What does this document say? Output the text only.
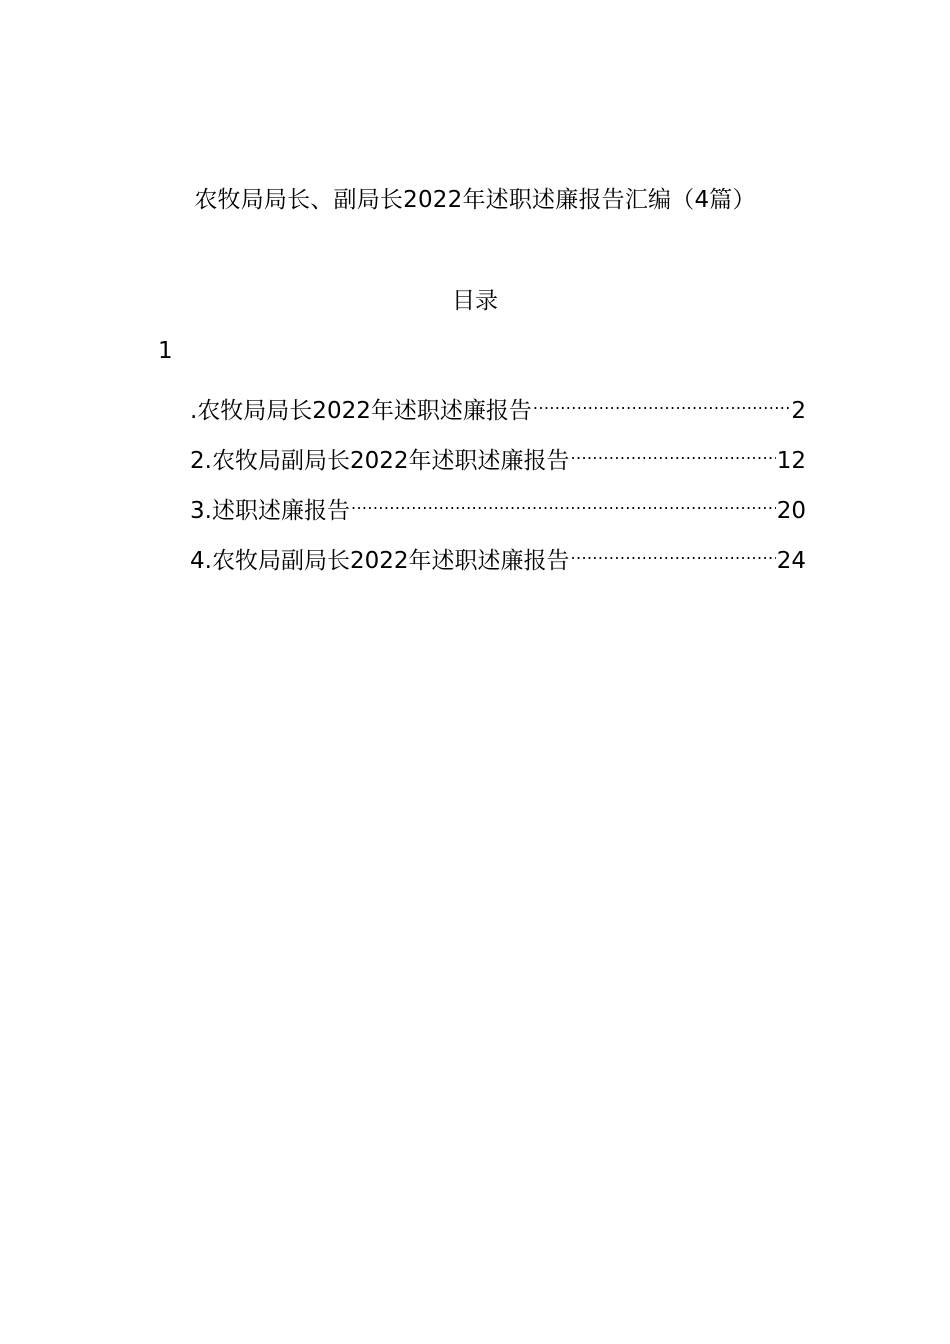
农牧局局长、副局长2022年述职述廉报告汇编（4篇）
目录
1
.农牧局局长2022年述职述廉报告 .....	2
2.农牧局副局长2022年述职述廉报告 .....	12
3.述职述廉报告 .....	20
4.农牧局副局长2022年述职述廉报告 .....	24
